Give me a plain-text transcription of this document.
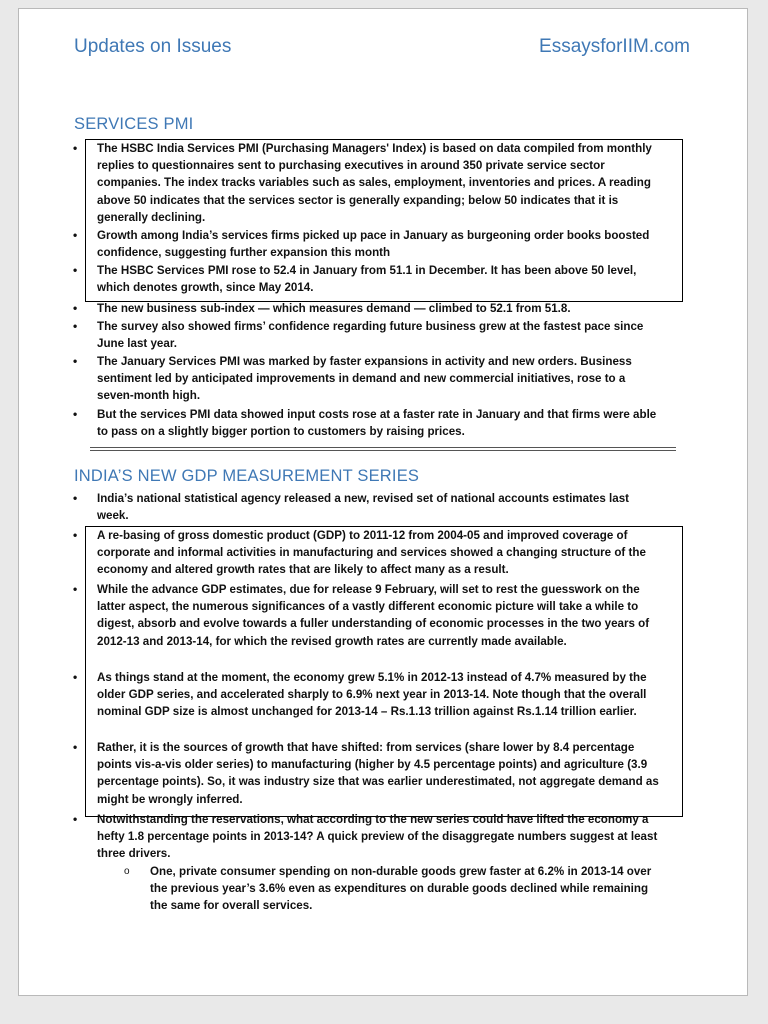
Updates on Issues	EssaysforIIM.com
SERVICES PMI
• The HSBC India Services PMI (Purchasing Managers' Index) is based on data compiled from monthly replies to questionnaires sent to purchasing executives in around 350 private service sector companies. The index tracks variables such as sales, employment, inventories and prices. A reading above 50 indicates that the services sector is generally expanding; below 50 indicates that it is generally declining.
• Growth among India’s services firms picked up pace in January as burgeoning order books boosted confidence, suggesting further expansion this month
• The HSBC Services PMI rose to 52.4 in January from 51.1 in December. It has been above 50 level, which denotes growth, since May 2014.
• The new business sub-index — which measures demand — climbed to 52.1 from 51.8.
• The survey also showed firms’ confidence regarding future business grew at the fastest pace since June last year.
• The January Services PMI was marked by faster expansions in activity and new orders. Business sentiment led by anticipated improvements in demand and new commercial initiatives, rose to a seven-month high.
• But the services PMI data showed input costs rose at a faster rate in January and that firms were able to pass on a slightly bigger portion to customers by raising prices.
INDIA’S NEW GDP MEASUREMENT SERIES
• India’s national statistical agency released a new, revised set of national accounts estimates last week.
• A re-basing of gross domestic product (GDP) to 2011-12 from 2004-05 and improved coverage of corporate and informal activities in manufacturing and services showed a changing structure of the economy and altered growth rates that are likely to affect many as a result.
• While the advance GDP estimates, due for release 9 February, will set to rest the guesswork on the latter aspect, the numerous significances of a vastly different economic picture will take a while to digest, absorb and evolve towards a fuller understanding of economic processes in the two years of 2012-13 and 2013-14, for which the revised growth rates are currently made available.
• As things stand at the moment, the economy grew 5.1% in 2012-13 instead of 4.7% measured by the older GDP series, and accelerated sharply to 6.9% next year in 2013-14. Note though that the overall nominal GDP size is almost unchanged for 2013-14 – Rs.1.13 trillion against Rs.1.14 trillion earlier.
• Rather, it is the sources of growth that have shifted: from services (share lower by 8.4 percentage points vis-a-vis older series) to manufacturing (higher by 4.5 percentage points) and agriculture (3.9 percentage points). So, it was industry size that was earlier underestimated, not aggregate demand as might be wrongly inferred.
• Notwithstanding the reservations, what according to the new series could have lifted the economy a hefty 1.8 percentage points in 2013-14? A quick preview of the disaggregate numbers suggest at least three drivers.
o One, private consumer spending on non-durable goods grew faster at 6.2% in 2013-14 over the previous year’s 3.6% even as expenditures on durable goods declined while remaining the same for overall services.
